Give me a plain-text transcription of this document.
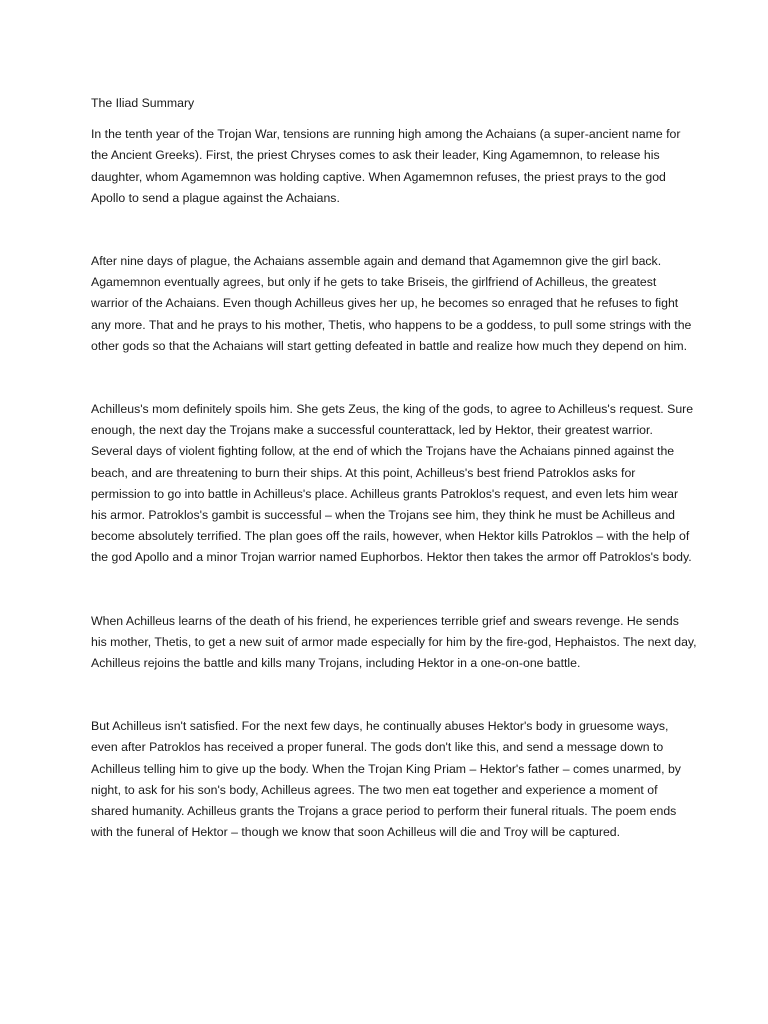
The Iliad Summary

In the tenth year of the Trojan War, tensions are running high among the Achaians (a super-ancient name for the Ancient Greeks). First, the priest Chryses comes to ask their leader, King Agamemnon, to release his daughter, whom Agamemnon was holding captive. When Agamemnon refuses, the priest prays to the god Apollo to send a plague against the Achaians.

After nine days of plague, the Achaians assemble again and demand that Agamemnon give the girl back. Agamemnon eventually agrees, but only if he gets to take Briseis, the girlfriend of Achilleus, the greatest warrior of the Achaians. Even though Achilleus gives her up, he becomes so enraged that he refuses to fight any more. That and he prays to his mother, Thetis, who happens to be a goddess, to pull some strings with the other gods so that the Achaians will start getting defeated in battle and realize how much they depend on him.

Achilleus's mom definitely spoils him. She gets Zeus, the king of the gods, to agree to Achilleus's request. Sure enough, the next day the Trojans make a successful counterattack, led by Hektor, their greatest warrior. Several days of violent fighting follow, at the end of which the Trojans have the Achaians pinned against the beach, and are threatening to burn their ships. At this point, Achilleus's best friend Patroklos asks for permission to go into battle in Achilleus's place. Achilleus grants Patroklos's request, and even lets him wear his armor. Patroklos's gambit is successful – when the Trojans see him, they think he must be Achilleus and become absolutely terrified. The plan goes off the rails, however, when Hektor kills Patroklos – with the help of the god Apollo and a minor Trojan warrior named Euphorbos. Hektor then takes the armor off Patroklos's body.

When Achilleus learns of the death of his friend, he experiences terrible grief and swears revenge. He sends his mother, Thetis, to get a new suit of armor made especially for him by the fire-god, Hephaistos. The next day, Achilleus rejoins the battle and kills many Trojans, including Hektor in a one-on-one battle.

But Achilleus isn't satisfied. For the next few days, he continually abuses Hektor's body in gruesome ways, even after Patroklos has received a proper funeral. The gods don't like this, and send a message down to Achilleus telling him to give up the body. When the Trojan King Priam – Hektor's father – comes unarmed, by night, to ask for his son's body, Achilleus agrees. The two men eat together and experience a moment of shared humanity. Achilleus grants the Trojans a grace period to perform their funeral rituals. The poem ends with the funeral of Hektor – though we know that soon Achilleus will die and Troy will be captured.
